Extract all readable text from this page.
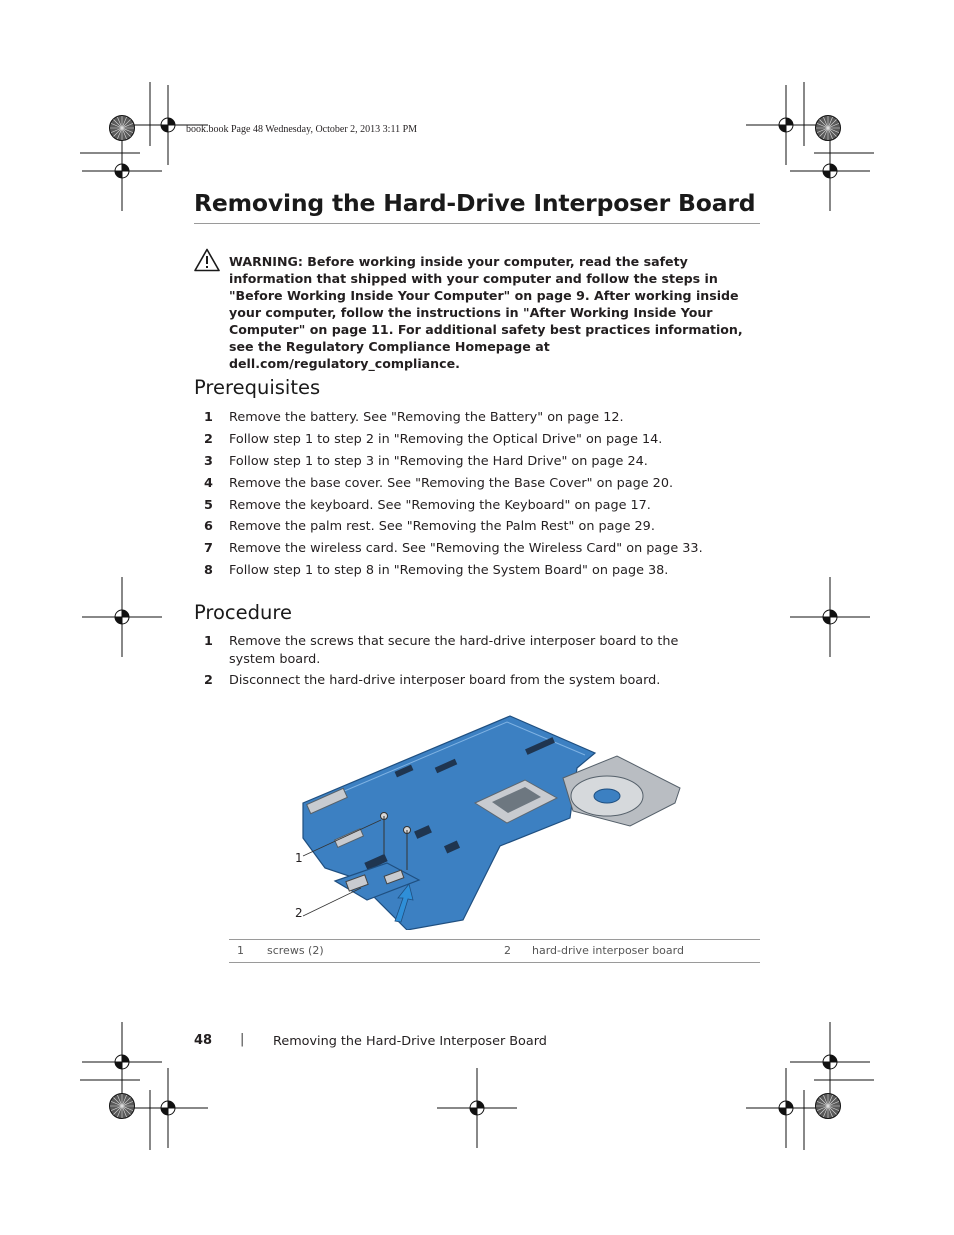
book.book Page 48 Wednesday, October 2, 2013 3:11 PM
Removing the Hard-Drive Interposer Board
WARNING: Before working inside your computer, read the safety information that shipped with your computer and follow the steps in "Before Working Inside Your Computer" on page 9. After working inside your computer, follow the instructions in "After Working Inside Your Computer" on page 11. For additional safety best practices information, see the Regulatory Compliance Homepage at dell.com/regulatory_compliance.
Prerequisites
1 Remove the battery. See "Removing the Battery" on page 12.
2 Follow step 1 to step 2 in "Removing the Optical Drive" on page 14.
3 Follow step 1 to step 3 in "Removing the Hard Drive" on page 24.
4 Remove the base cover. See "Removing the Base Cover" on page 20.
5 Remove the keyboard. See "Removing the Keyboard" on page 17.
6 Remove the palm rest. See "Removing the Palm Rest" on page 29.
7 Remove the wireless card. See "Removing the Wireless Card" on page 33.
8 Follow step 1 to step 8 in "Removing the System Board" on page 38.
Procedure
1 Remove the screws that secure the hard-drive interposer board to the system board.
2 Disconnect the hard-drive interposer board from the system board.
1
2
1 screws (2)	2 hard-drive interposer board
48 | Removing the Hard-Drive Interposer Board
